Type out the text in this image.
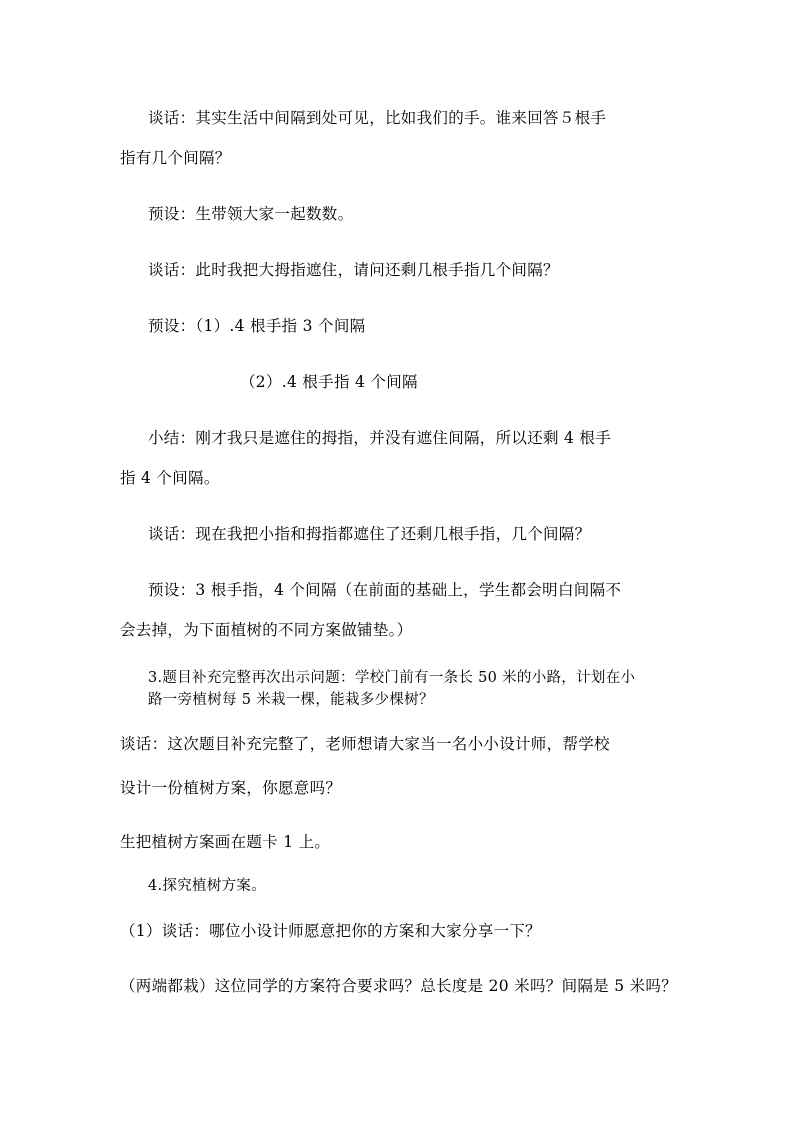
谈话：其实生活中间隔到处可见，比如我们的手。谁来回答５根手
指有几个间隔？
预设：生带领大家一起数数。
谈话：此时我把大拇指遮住，请问还剩几根手指几个间隔？
预设：（1）.4 根手指 3 个间隔
（2）.4 根手指 4 个间隔
小结：刚才我只是遮住的拇指，并没有遮住间隔，所以还剩 4 根手
指 4 个间隔。
谈话：现在我把小指和拇指都遮住了还剩几根手指，几个间隔？
预设：3 根手指，4 个间隔（在前面的基础上，学生都会明白间隔不
会去掉，为下面植树的不同方案做铺垫。）
3.题目补充完整再次出示问题：学校门前有一条长 50 米的小路，计划在小
路一旁植树每 5 米栽一棵，能栽多少棵树？
谈话：这次题目补充完整了，老师想请大家当一名小小设计师，帮学校
设计一份植树方案，你愿意吗？
生把植树方案画在题卡 1 上。
4.探究植树方案。
（1）谈话：哪位小设计师愿意把你的方案和大家分享一下？
（两端都栽）这位同学的方案符合要求吗？总长度是 20 米吗？间隔是 5 米吗？
